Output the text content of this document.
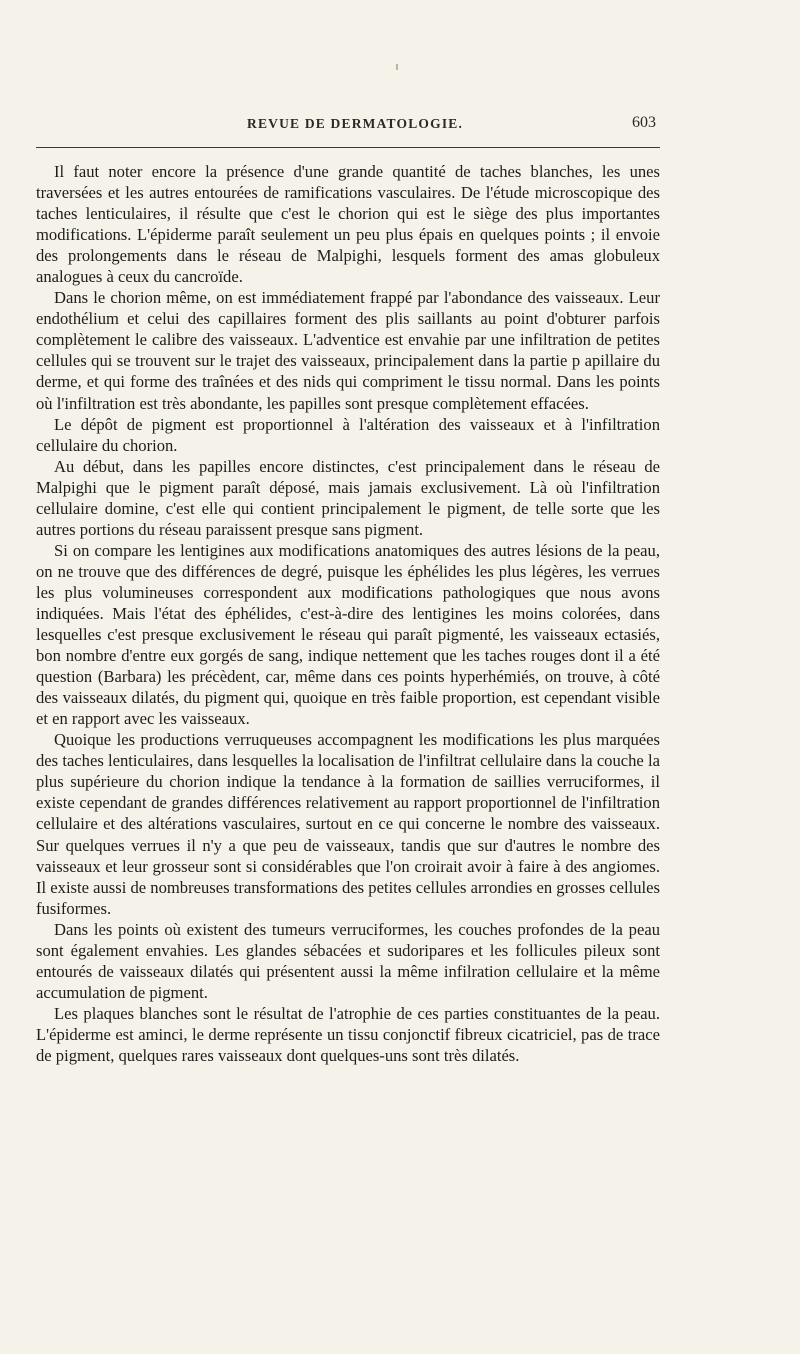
REVUE DE DERMATOLOGIE.	603

Il faut noter encore la présence d'une grande quantité de taches blanches, les unes traversées et les autres entourées de ramifications vasculaires. De l'étude microscopique des taches lenticulaires, il résulte que c'est le chorion qui est le siège des plus importantes modifications. L'épiderme paraît seulement un peu plus épais en quelques points ; il envoie des prolongements dans le réseau de Malpighi, lesquels forment des amas globuleux analogues à ceux du cancroïde.

Dans le chorion même, on est immédiatement frappé par l'abondance des vaisseaux. Leur endothélium et celui des capillaires forment des plis saillants au point d'obturer parfois complètement le calibre des vaisseaux. L'adventice est envahie par une infiltration de petites cellules qui se trouvent sur le trajet des vaisseaux, principalement dans la partie p apillaire du derme, et qui forme des traînées et des nids qui compriment le tissu normal. Dans les points où l'infiltration est très abondante, les papilles sont presque complètement effacées.

Le dépôt de pigment est proportionnel à l'altération des vaisseaux et à l'infiltration cellulaire du chorion.

Au début, dans les papilles encore distinctes, c'est principalement dans le réseau de Malpighi que le pigment paraît déposé, mais jamais exclusivement. Là où l'infiltration cellulaire domine, c'est elle qui contient principalement le pigment, de telle sorte que les autres portions du réseau paraissent presque sans pigment.

Si on compare les lentigines aux modifications anatomiques des autres lésions de la peau, on ne trouve que des différences de degré, puisque les éphélides les plus légères, les verrues les plus volumineuses correspondent aux modifications pathologiques que nous avons indiquées. Mais l'état des éphélides, c'est-à-dire des lentigines les moins colorées, dans lesquelles c'est presque exclusivement le réseau qui paraît pigmenté, les vaisseaux ectasiés, bon nombre d'entre eux gorgés de sang, indique nettement que les taches rouges dont il a été question (Barbara) les précèdent, car, même dans ces points hyperhémiés, on trouve, à côté des vaisseaux dilatés, du pigment qui, quoique en très faible proportion, est cependant visible et en rapport avec les vaisseaux.

Quoique les productions verruqueuses accompagnent les modifications les plus marquées des taches lenticulaires, dans lesquelles la localisation de l'infiltrat cellulaire dans la couche la plus supérieure du chorion indique la tendance à la formation de saillies verruciformes, il existe cependant de grandes différences relativement au rapport proportionnel de l'infiltration cellulaire et des altérations vasculaires, surtout en ce qui concerne le nombre des vaisseaux. Sur quelques verrues il n'y a que peu de vaisseaux, tandis que sur d'autres le nombre des vaisseaux et leur grosseur sont si considérables que l'on croirait avoir à faire à des angiomes. Il existe aussi de nombreuses transformations des petites cellules arrondies en grosses cellules fusiformes.

Dans les points où existent des tumeurs verruciformes, les couches profondes de la peau sont également envahies. Les glandes sébacées et sudoripares et les follicules pileux sont entourés de vaisseaux dilatés qui présentent aussi la même infilration cellulaire et la même accumulation de pigment.

Les plaques blanches sont le résultat de l'atrophie de ces parties constituantes de la peau. L'épiderme est aminci, le derme représente un tissu conjonctif fibreux cicatriciel, pas de trace de pigment, quelques rares vaisseaux dont quelques-uns sont très dilatés.
